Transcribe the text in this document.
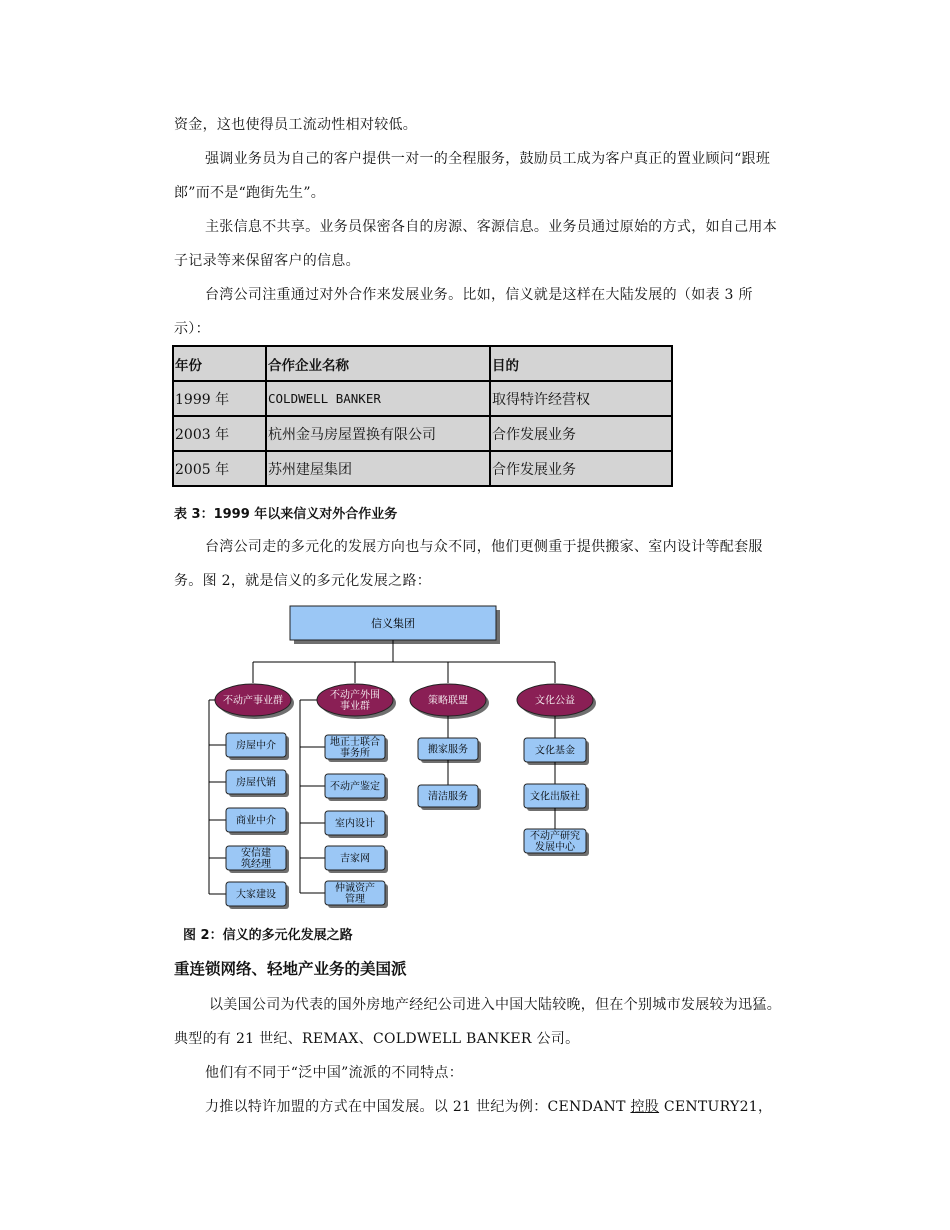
资金，这也使得员工流动性相对较低。

强调业务员为自己的客户提供一对一的全程服务，鼓励员工成为客户真正的置业顾问“跟班郎”而不是“跑街先生”。

主张信息不共享。业务员保密各自的房源、客源信息。业务员通过原始的方式，如自己用本子记录等来保留客户的信息。

台湾公司注重通过对外合作来发展业务。比如，信义就是这样在大陆发展的（如表 3 所示）：

年份	合作企业名称	目的
1999 年	COLDWELL BANKER	取得特许经营权
2003 年	杭州金马房屋置换有限公司	合作发展业务
2005 年	苏州建屋集团	合作发展业务
表 3：1999 年以来信义对外合作业务

台湾公司走的多元化的发展方向也与众不同，他们更侧重于提供搬家、室内设计等配套服务。图 2，就是信义的多元化发展之路：

信义集团
不动产事业群	不动产外围
事业群	策略联盟	文化公益
房屋中介
房屋代销
商业中介
安信建
筑经理
大家建设
地正士联合
事务所
不动产鉴定
室内设计
吉家网
仲诚资产
管理
搬家服务
清洁服务
文化基金
文化出版社
不动产研究
发展中心
图 2：信义的多元化发展之路
重连锁网络、轻地产业务的美国派

以美国公司为代表的国外房地产经纪公司进入中国大陆较晚，但在个别城市发展较为迅猛。典型的有 21 世纪、REMAX、COLDWELL BANKER 公司。

他们有不同于“泛中国”流派的不同特点：

力推以特许加盟的方式在中国发展。以 21 世纪为例：CENDANT 控股 CENTURY21，
